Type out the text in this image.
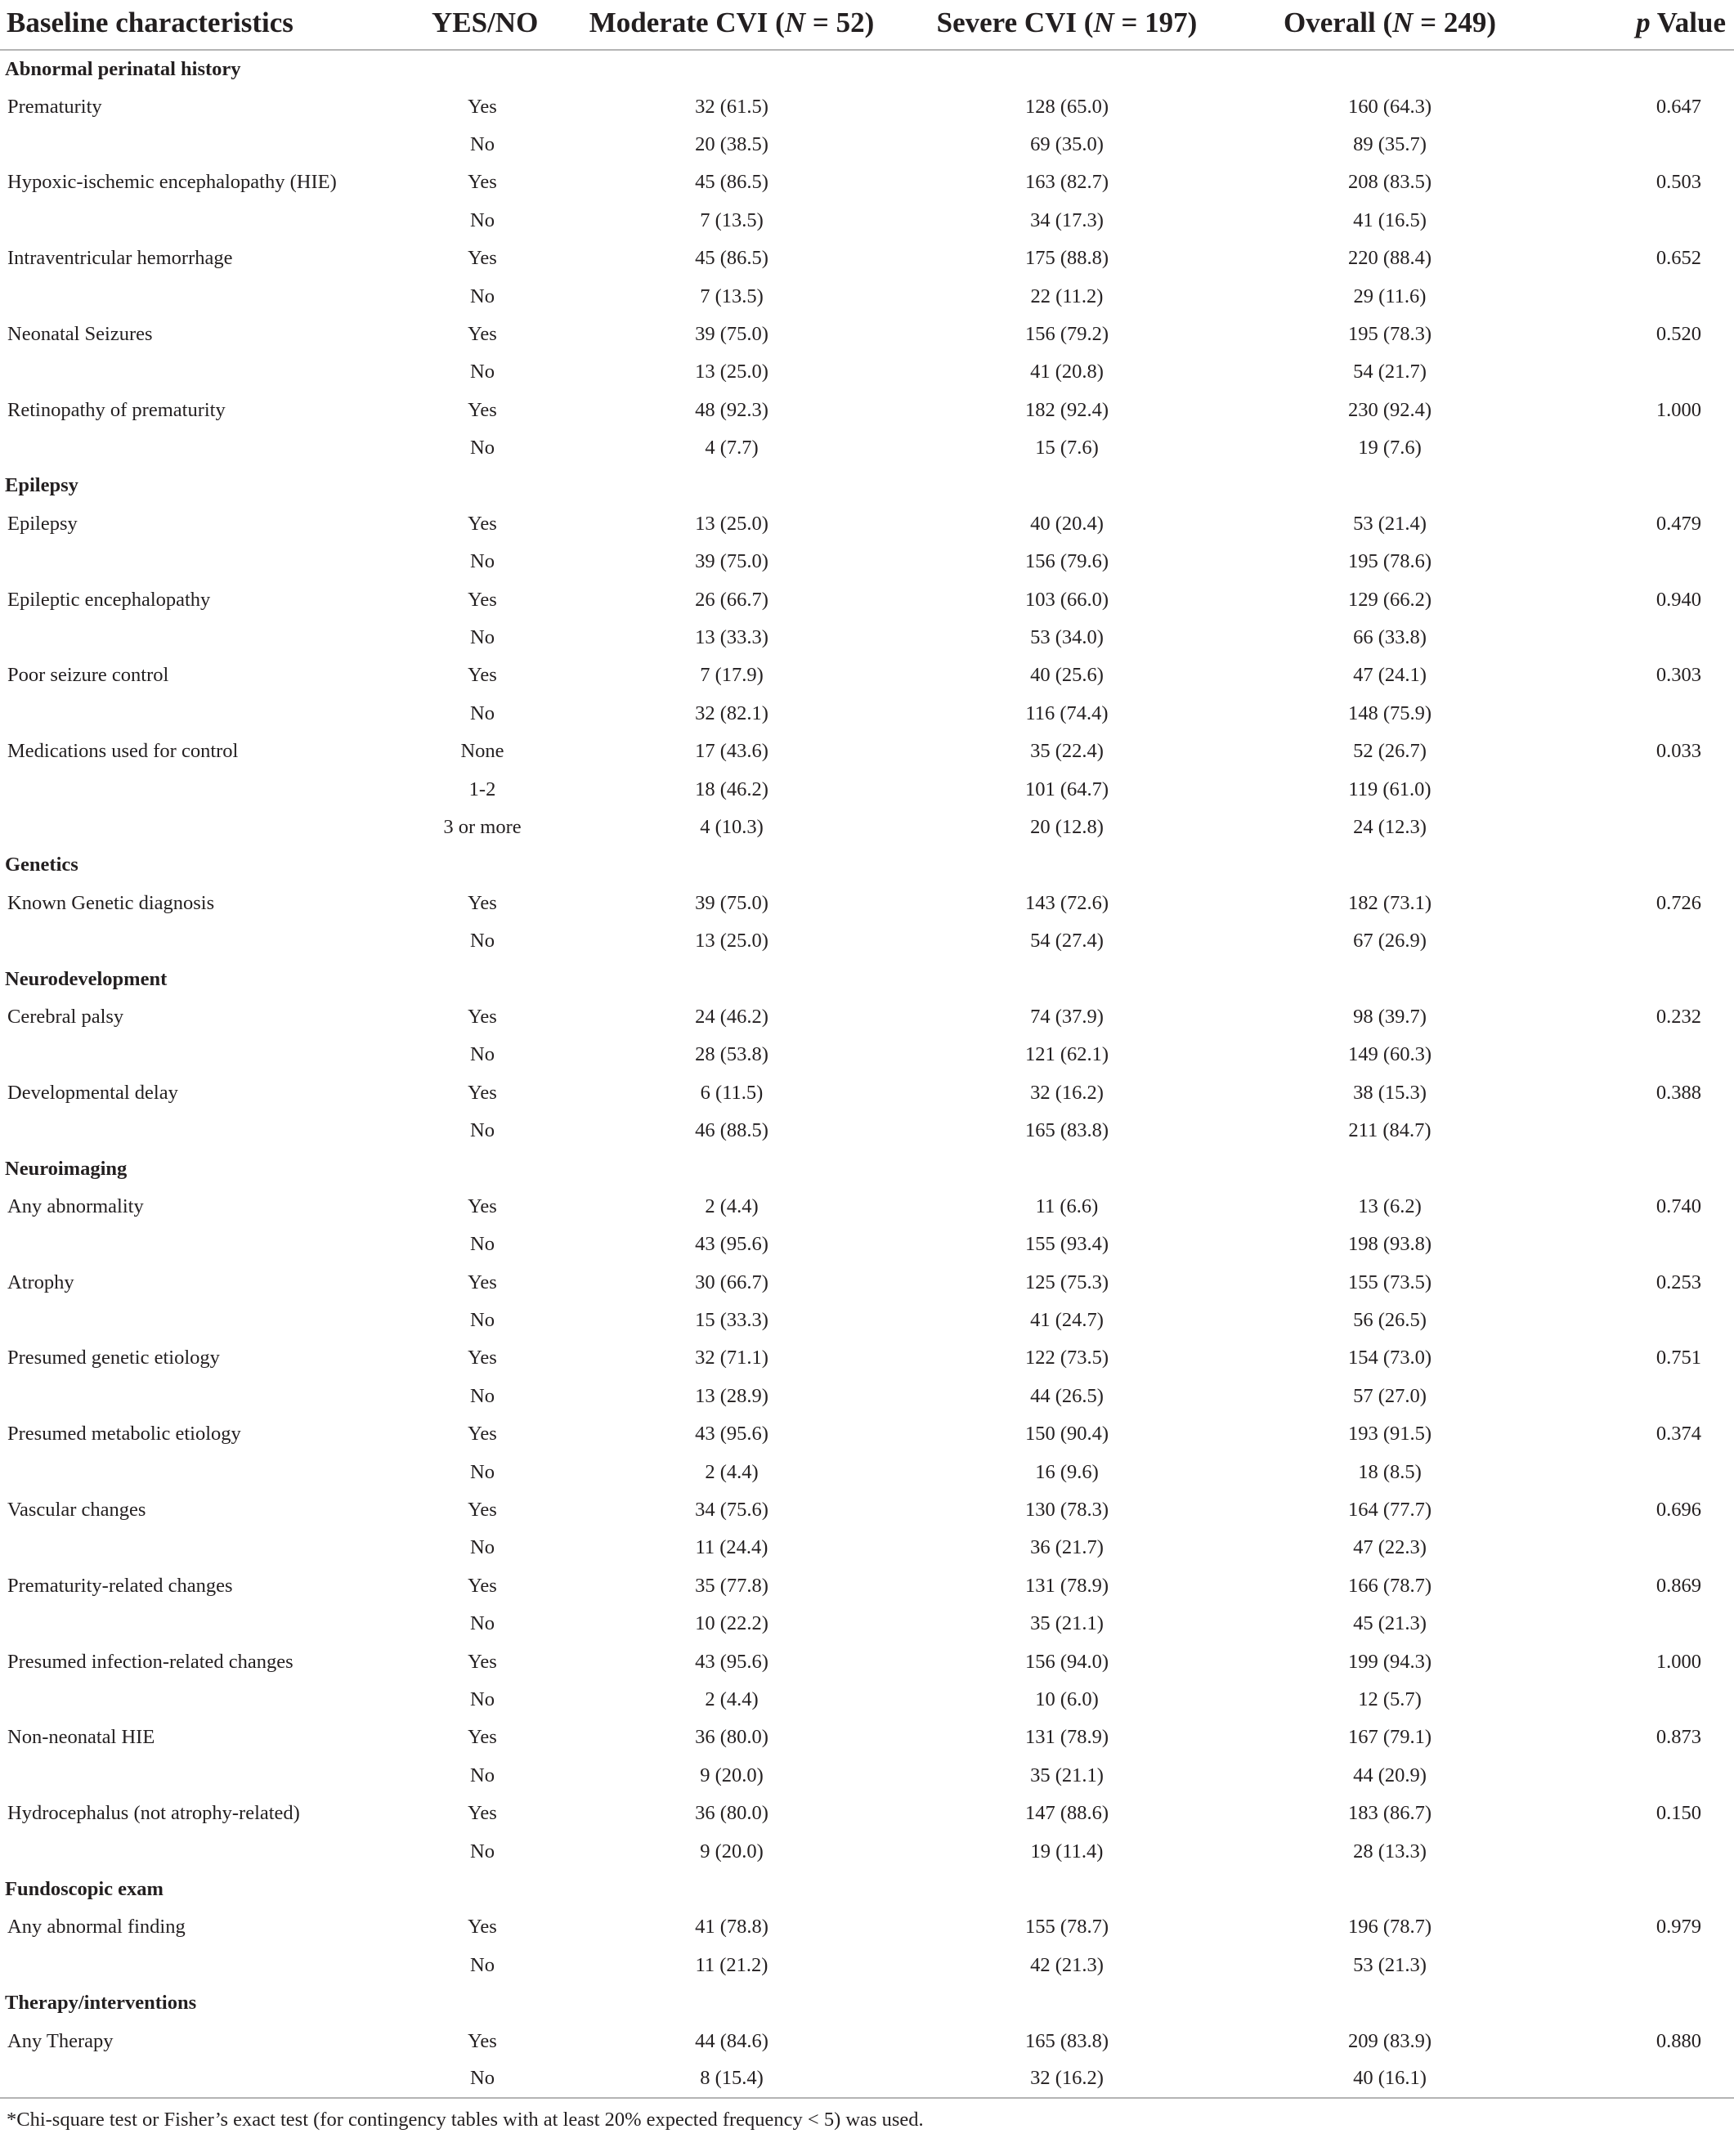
Baseline characteristics	YES/NO	Moderate CVI (N = 52)	Severe CVI (N = 197)	Overall (N = 249)	p Value
Abnormal perinatal history					
Prematurity	Yes	32 (61.5)	128 (65.0)	160 (64.3)	0.647
	No	20 (38.5)	69 (35.0)	89 (35.7)	
Hypoxic-ischemic encephalopathy (HIE)	Yes	45 (86.5)	163 (82.7)	208 (83.5)	0.503
	No	7 (13.5)	34 (17.3)	41 (16.5)	
Intraventricular hemorrhage	Yes	45 (86.5)	175 (88.8)	220 (88.4)	0.652
	No	7 (13.5)	22 (11.2)	29 (11.6)	
Neonatal Seizures	Yes	39 (75.0)	156 (79.2)	195 (78.3)	0.520
	No	13 (25.0)	41 (20.8)	54 (21.7)	
Retinopathy of prematurity	Yes	48 (92.3)	182 (92.4)	230 (92.4)	1.000
	No	4 (7.7)	15 (7.6)	19 (7.6)	
Epilepsy					
Epilepsy	Yes	13 (25.0)	40 (20.4)	53 (21.4)	0.479
	No	39 (75.0)	156 (79.6)	195 (78.6)	
Epileptic encephalopathy	Yes	26 (66.7)	103 (66.0)	129 (66.2)	0.940
	No	13 (33.3)	53 (34.0)	66 (33.8)	
Poor seizure control	Yes	7 (17.9)	40 (25.6)	47 (24.1)	0.303
	No	32 (82.1)	116 (74.4)	148 (75.9)	
Medications used for control	None	17 (43.6)	35 (22.4)	52 (26.7)	0.033
	1-2	18 (46.2)	101 (64.7)	119 (61.0)	
	3 or more	4 (10.3)	20 (12.8)	24 (12.3)	
Genetics					
Known Genetic diagnosis	Yes	39 (75.0)	143 (72.6)	182 (73.1)	0.726
	No	13 (25.0)	54 (27.4)	67 (26.9)	
Neurodevelopment					
Cerebral palsy	Yes	24 (46.2)	74 (37.9)	98 (39.7)	0.232
	No	28 (53.8)	121 (62.1)	149 (60.3)	
Developmental delay	Yes	6 (11.5)	32 (16.2)	38 (15.3)	0.388
	No	46 (88.5)	165 (83.8)	211 (84.7)	
Neuroimaging					
Any abnormality	Yes	2 (4.4)	11 (6.6)	13 (6.2)	0.740
	No	43 (95.6)	155 (93.4)	198 (93.8)	
Atrophy	Yes	30 (66.7)	125 (75.3)	155 (73.5)	0.253
	No	15 (33.3)	41 (24.7)	56 (26.5)	
Presumed genetic etiology	Yes	32 (71.1)	122 (73.5)	154 (73.0)	0.751
	No	13 (28.9)	44 (26.5)	57 (27.0)	
Presumed metabolic etiology	Yes	43 (95.6)	150 (90.4)	193 (91.5)	0.374
	No	2 (4.4)	16 (9.6)	18 (8.5)	
Vascular changes	Yes	34 (75.6)	130 (78.3)	164 (77.7)	0.696
	No	11 (24.4)	36 (21.7)	47 (22.3)	
Prematurity-related changes	Yes	35 (77.8)	131 (78.9)	166 (78.7)	0.869
	No	10 (22.2)	35 (21.1)	45 (21.3)	
Presumed infection-related changes	Yes	43 (95.6)	156 (94.0)	199 (94.3)	1.000
	No	2 (4.4)	10 (6.0)	12 (5.7)	
Non-neonatal HIE	Yes	36 (80.0)	131 (78.9)	167 (79.1)	0.873
	No	9 (20.0)	35 (21.1)	44 (20.9)	
Hydrocephalus (not atrophy-related)	Yes	36 (80.0)	147 (88.6)	183 (86.7)	0.150
	No	9 (20.0)	19 (11.4)	28 (13.3)	
Fundoscopic exam					
Any abnormal finding	Yes	41 (78.8)	155 (78.7)	196 (78.7)	0.979
	No	11 (21.2)	42 (21.3)	53 (21.3)	
Therapy/interventions					
Any Therapy	Yes	44 (84.6)	165 (83.8)	209 (83.9)	0.880
	No	8 (15.4)	32 (16.2)	40 (16.1)	
*Chi-square test or Fisher’s exact test (for contingency tables with at least 20% expected frequency < 5) was used.
